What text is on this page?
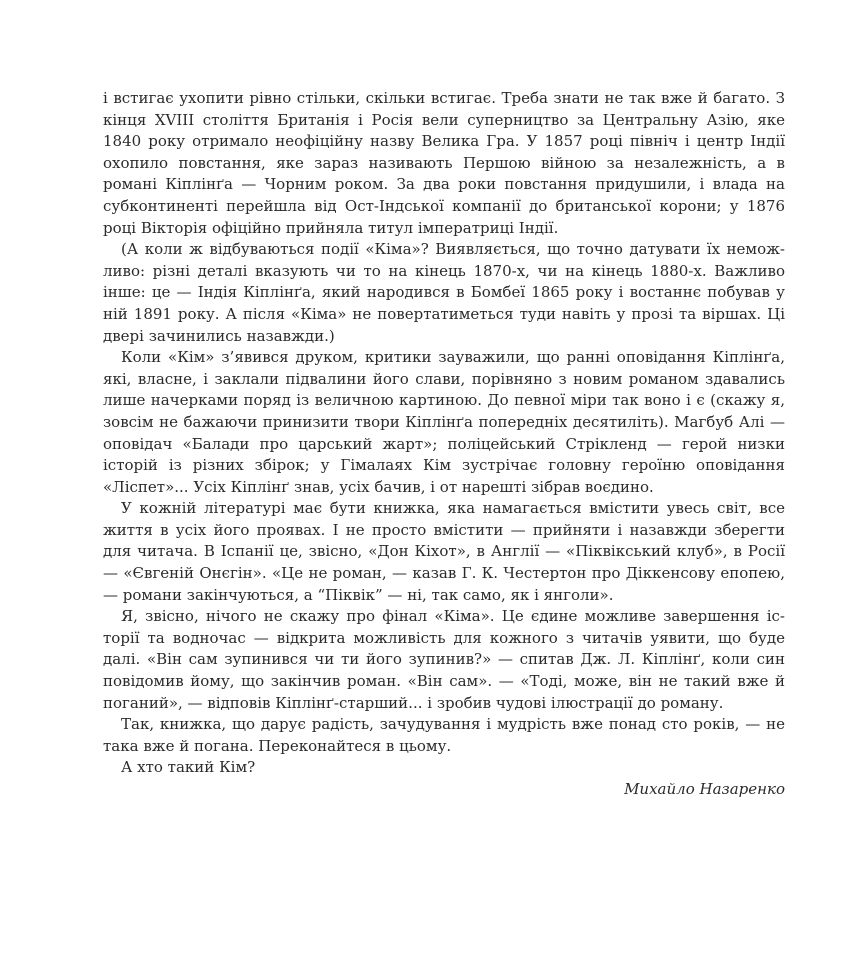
і встигає ухопити рівно стільки, скільки встигає. Треба знати не так вже й багато. З кінця XVIII століття Британія і Росія вели суперництво за Центральну Азію, яке 1840 року отримало неофіційну назву Велика Гра. У 1857 році північ і центр Індії охопило повстання, яке зараз називають Першою війною за незалежність, а в романі Кіплінґа — Чорним роком. За два роки повстання придушили, і влада на субконтиненті перейшла від Ост-Індської компанії до британської корони; у 1876 році Вікторія офіційно прийняла титул імператриці Індії.

(А коли ж відбуваються події «Кіма»? Виявляється, що точно датувати їх немож-ливо: різні деталі вказують чи то на кінець 1870-х, чи на кінець 1880-х. Важливо інше: це — Індія Кіплінґа, який народився в Бомбеї 1865 року і востаннє побував у ній 1891 року. А після «Кіма» не повертатиметься туди навіть у прозі та віршах. Ці двері зачинились назавжди.)

Коли «Кім» з’явився друком, критики зауважили, що ранні оповідання Кіплінґа, які, власне, і заклали підвалини його слави, порівняно з новим романом здавались лише начерками поряд із величною картиною. До певної міри так воно і є (скажу я, зовсім не бажаючи принизити твори Кіплінґа попередніх десятиліть). Магбуб Алі — оповідач «Балади про царський жарт»; поліцейський Стрікленд — герой низки історій із різних збірок; у Гімалаях Кім зустрічає головну героїню оповідання «Ліспет»... Усіх Кіплінґ знав, усіх бачив, і от нарешті зібрав воєдино.

У кожній літературі має бути книжка, яка намагається вмістити увесь світ, все життя в усіх його проявах. І не просто вмістити — прийняти і назавжди зберегти для читача. В Іспанії це, звісно, «Дон Кіхот», в Англії — «Піквікський клуб», в Росії — «Євгеній Онєгін». «Це не роман, — казав Г. К. Честертон про Діккенсову епопею, — романи закінчуються, а “Піквік” — ні, так само, як і янголи».

Я, звісно, нічого не скажу про фінал «Кіма». Це єдине можливе завершення іс-торії та водночас — відкрита можливість для кожного з читачів уявити, що буде далі. «Він сам зупинився чи ти його зупинив?» — спитав Дж. Л. Кіплінґ, коли син повідомив йому, що закінчив роман. «Він сам». — «Тоді, може, він не такий вже й поганий», — відповів Кіплінґ-старший... і зробив чудові ілюстрації до роману.

Так, книжка, що дарує радість, зачудування і мудрість вже понад сто років, — не така вже й погана. Переконайтеся в цьому.

А хто такий Кім?

Михайло Назаренко
